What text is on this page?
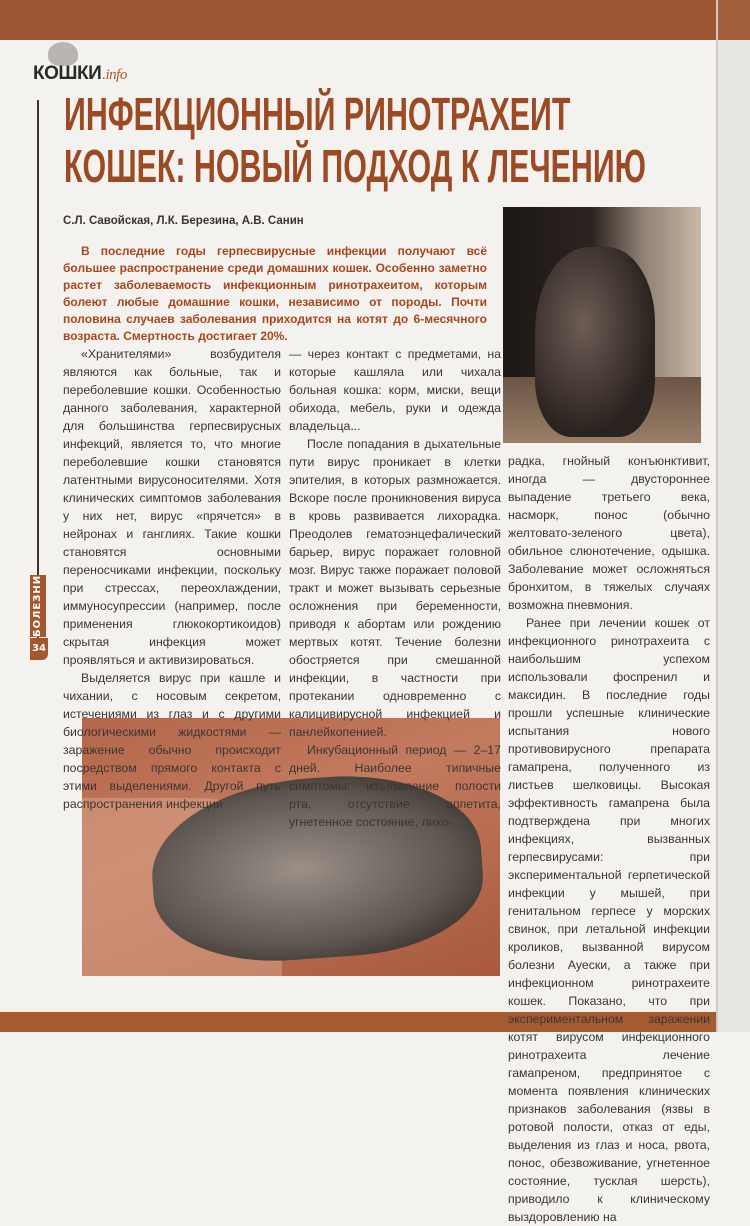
КОШКИ.info
БОЛЕЗНИ
34
ИНФЕКЦИОННЫЙ РИНОТРАХЕИТ
КОШЕК: НОВЫЙ ПОДХОД К ЛЕЧЕНИЮ
С.Л. Савойская, Л.К. Березина, А.В. Санин

В последние годы герпесвирусные инфекции получают всё большее распространение среди домашних кошек. Особенно заметно растет заболеваемость инфекционным ринотрахеитом, которым болеют любые домашние кошки, независимо от породы. Почти половина случаев заболевания приходится на котят до 6-месячного возраста. Смертность достигает 20%.

«Хранителями» возбудителя являются как больные, так и переболевшие кошки. Особенностью данного заболевания, характерной для большинства герпесвирусных инфекций, является то, что многие переболевшие кошки становятся латентными вирусоносителями. Хотя клинических симптомов заболевания у них нет, вирус «прячется» в нейронах и ганглиях. Такие кошки становятся основными переносчиками инфекции, поскольку при стрессах, переохлаждении, иммуносупрессии (например, после применения глюкокортикоидов) скрытая инфекция может проявляться и активизироваться.

Выделяется вирус при кашле и чихании, с носовым секретом, истечениями из глаз и с другими биологическими жидкостями — заражение обычно происходит посредством прямого контакта с этими выделениями. Другой путь распространения инфекции

— через контакт с предметами, на которые кашляла или чихала больная кошка: корм, миски, вещи обихода, мебель, руки и одежда владельца...

После попадания в дыхательные пути вирус проникает в клетки эпителия, в которых размножается. Вскоре после проникновения вируса в кровь развивается лихорадка. Преодолев гематоэнцефалический барьер, вирус поражает головной мозг. Вирус также поражает половой тракт и может вызывать серьезные осложнения при беременности, приводя к абортам или рождению мертвых котят. Течение болезни обостряется при смешанной инфекции, в частности при протекании одновременно с калицивирусной инфекцией и панлейкопенией.

Инкубационный период — 2–17 дней. Наиболее типичные симптомы: изъязвление полости рта, отсутствие аппетита, угнетенное состояние, лихо-

радка, гнойный конъюнктивит, иногда — двустороннее выпадение третьего века, насморк, понос (обычно желтовато-зеленого цвета), обильное слюнотечение, одышка. Заболевание может осложняться бронхитом, в тяжелых случаях возможна пневмония.

Ранее при лечении кошек от инфекционного ринотрахеита с наибольшим успехом использовали фоспренил и максидин. В последние годы прошли успешные клинические испытания нового противовирусного препарата гамапрена, полученного из листьев шелковицы. Высокая эффективность гамапрена была подтверждена при многих инфекциях, вызванных герпесвирусами: при экспериментальной герпетической инфекции у мышей, при генитальном герпесе у морских свинок, при летальной инфекции кроликов, вызванной вирусом болезни Ауески, а также при инфекционном ринотрахеите кошек. Показано, что при экспериментальном заражении котят вирусом инфекционного ринотрахеита лечение гамапреном, предпринятое с момента появления клинических признаков заболевания (язвы в ротовой полости, отказ от еды, выделения из глаз и носа, рвота, понос, обезвоживание, угнетенное состояние, тусклая шерсть), приводило к клиническому выздоровлению на
